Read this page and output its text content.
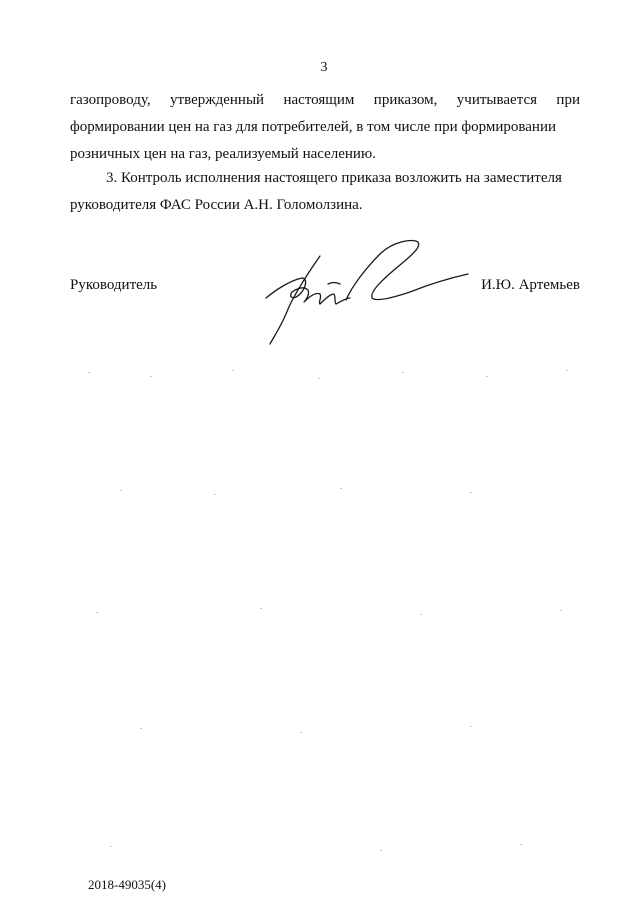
3
газопроводу, утвержденный настоящим приказом, учитывается при
формировании цен на газ для потребителей, в том числе при формировании
розничных цен на газ, реализуемый населению.
3. Контроль исполнения настоящего приказа возложить на заместителя
руководителя ФАС России А.Н. Голомолзина.
Руководитель	И.Ю. Артемьев
2018-49035(4)
